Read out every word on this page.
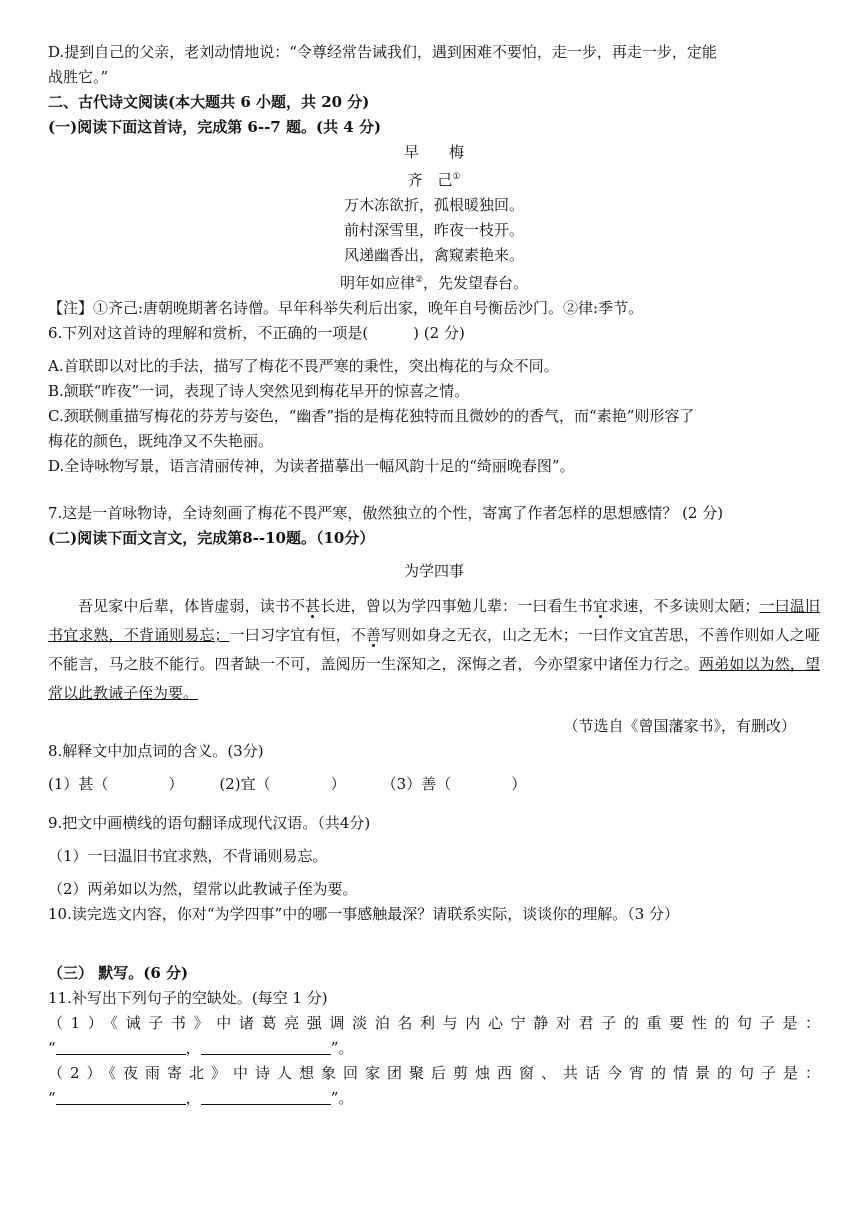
D.提到自己的父亲，老刘动情地说：“令尊经常告诫我们，遇到困难不要怕，走一步，再走一步，定能
战胜它。”
二、古代诗文阅读(本大题共 6 小题，共 20 分)
(一)阅读下面这首诗，完成第 6--7 题。(共 4 分)
早　　梅
齐　己①
万木冻欲折，孤根暖独回。
前村深雪里，昨夜一枝开。
风递幽香出，禽窥素艳来。
明年如应律②，先发望春台。
【注】①齐己:唐朝晚期著名诗僧。早年科举失利后出家，晚年自号衡岳沙门。②律:季节。
6.下列对这首诗的理解和赏析，不正确的一项是(　　　) (2 分)
A.首联即以对比的手法，描写了梅花不畏严寒的秉性，突出梅花的与众不同。
B.颔联“昨夜”一词，表现了诗人突然见到梅花早开的惊喜之情。
C.颈联侧重描写梅花的芬芳与姿色，“幽香”指的是梅花独特而且微妙的的香气，而“素艳”则形容了
梅花的颜色，既纯净又不失艳丽。
D.全诗咏物写景，语言清丽传神，为读者描摹出一幅风韵十足的“绮丽晚春图”。
7.这是一首咏物诗，全诗刻画了梅花不畏严寒，傲然独立的个性，寄寓了作者怎样的思想感情？ (2 分)
(二)阅读下面文言文，完成第8--10题。（10分）
为学四事
吾见家中后辈，体皆虚弱，读书不甚长进，曾以为学四事勉儿辈：一曰看生书宜求速，不多读则太陋；一曰温旧书宜求熟，不背诵则易忘；一曰习字宜有恒，不善写则如身之无衣，山之无木；一曰作文宜苦思，不善作则如人之哑不能言，马之肢不能行。四者缺一不可，盖阅历一生深知之，深悔之者，今亦望家中诸侄力行之。两弟如以为然，望常以此教诫子侄为要。
（节选自《曾国藩家书》，有删改）
8.解释文中加点词的含义。(3分)
(1）甚（　　　　） (2)宜（　　　　） （3）善（　　　　）
9.把文中画横线的语句翻译成现代汉语。（共4分)
（1）一曰温旧书宜求熟，不背诵则易忘。
（2）两弟如以为然，望常以此教诫子侄为要。
10.读完选文内容，你对“为学四事”中的哪一事感触最深？请联系实际，谈谈你的理解。（3 分）
（三） 默写。(6 分)
11.补写出下列句子的空缺处。(每空 1 分)
（1）《诫子书》中诸葛亮强调淡泊名利与内心宁静对君子的重要性的句子是：
“	，	”。
（2）《夜雨寄北》中诗人想象回家团聚后剪烛西窗、共话今宵的情景的句子是：
“	，	”。
